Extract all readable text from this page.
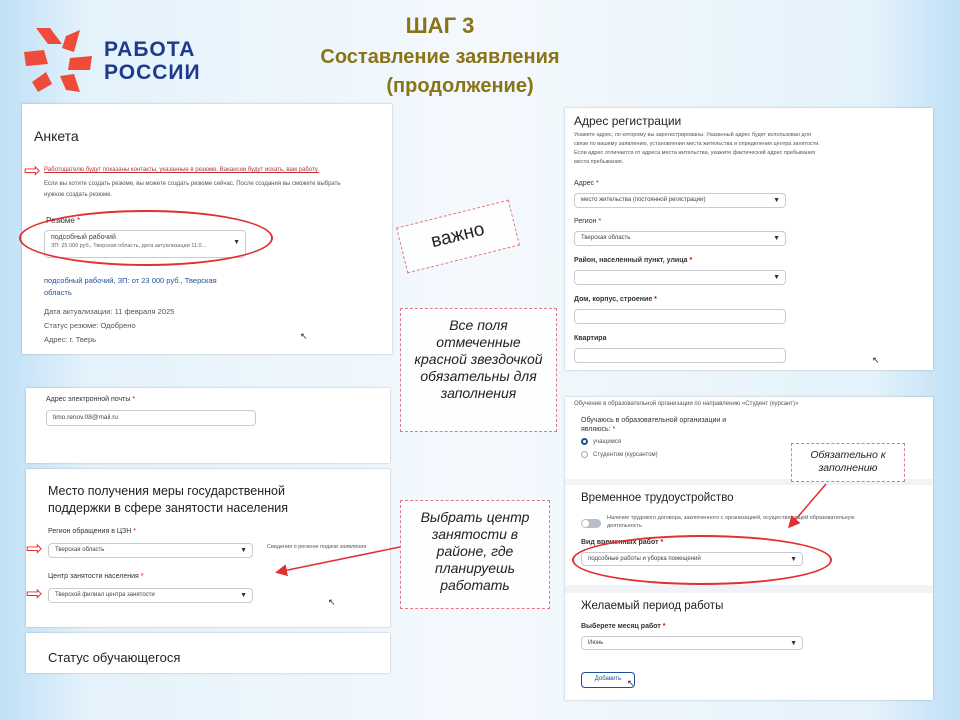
РАБОТА
РОССИИ
ШАГ 3
Составление заявления
(продолжение)
Анкета
Работодателю будут показаны контакты, указанные в резюме. Вакансии будут искать, вам работу.
Если вы хотите создать резюме, вы можете создать резюме сейчас. После создания вы сможете выбрать
нужное создать резюме.
Резюме *
подсобный рабочий
ЗП: 25 000 руб., Тверская область, дата актуализации 11.0...	▼
подсобный рабочий, ЗП: от 23 000 руб., Тверская
область
Дата актуализации: 11 февраля 2025
Статус резюме: Одобрено
Адрес: г. Тверь	↖
⇨
Адрес регистрации
Укажите адрес, по которому вы зарегистрированы. Указанный адрес будет использован для
связи по вашему заявлению, установления места жительства и определения центра занятости.
Если адрес отличается от адреса места жительства, укажите фактический адрес пребывания
места пребывания.
Адрес *
место жительства (постоянной регистрации)	▼
Регион *
Тверская область	▼
Район, населенный пункт, улица *
▼
Дом, корпус, строение *
Квартира
↖
важно
Все поля отмеченные красной звездочкой обязательны для заполнения
Выбрать центр занятости в районе, где планируешь работать
Адрес электронной почты *
timo.renov.08@mail.ru
Место получения меры государственной
поддержки в сфере занятости населения
Регион обращения в ЦЗН *
Тверская область	▼	Сведения о регионе подачи заявления
Центр занятости населения *
Тверской филиал центра занятости	▼
↖
⇨
⇨
Статус обучающегося
Обучение в образовательной организации по направлению «Студент (курсант)»
Обучаюсь в образовательной организации и
являюсь: *
учащимся
Студентом (курсантом)
Временное трудоустройство
Наличие трудового договора, заключенного с организацией, осуществляющей образовательную
деятельность
Вид временных работ *
подсобные работы и уборка помещений	▼
Желаемый период работы
Выберете месяц работ *
Июнь	▼
Добавить ↖
Обязательно к заполнению
